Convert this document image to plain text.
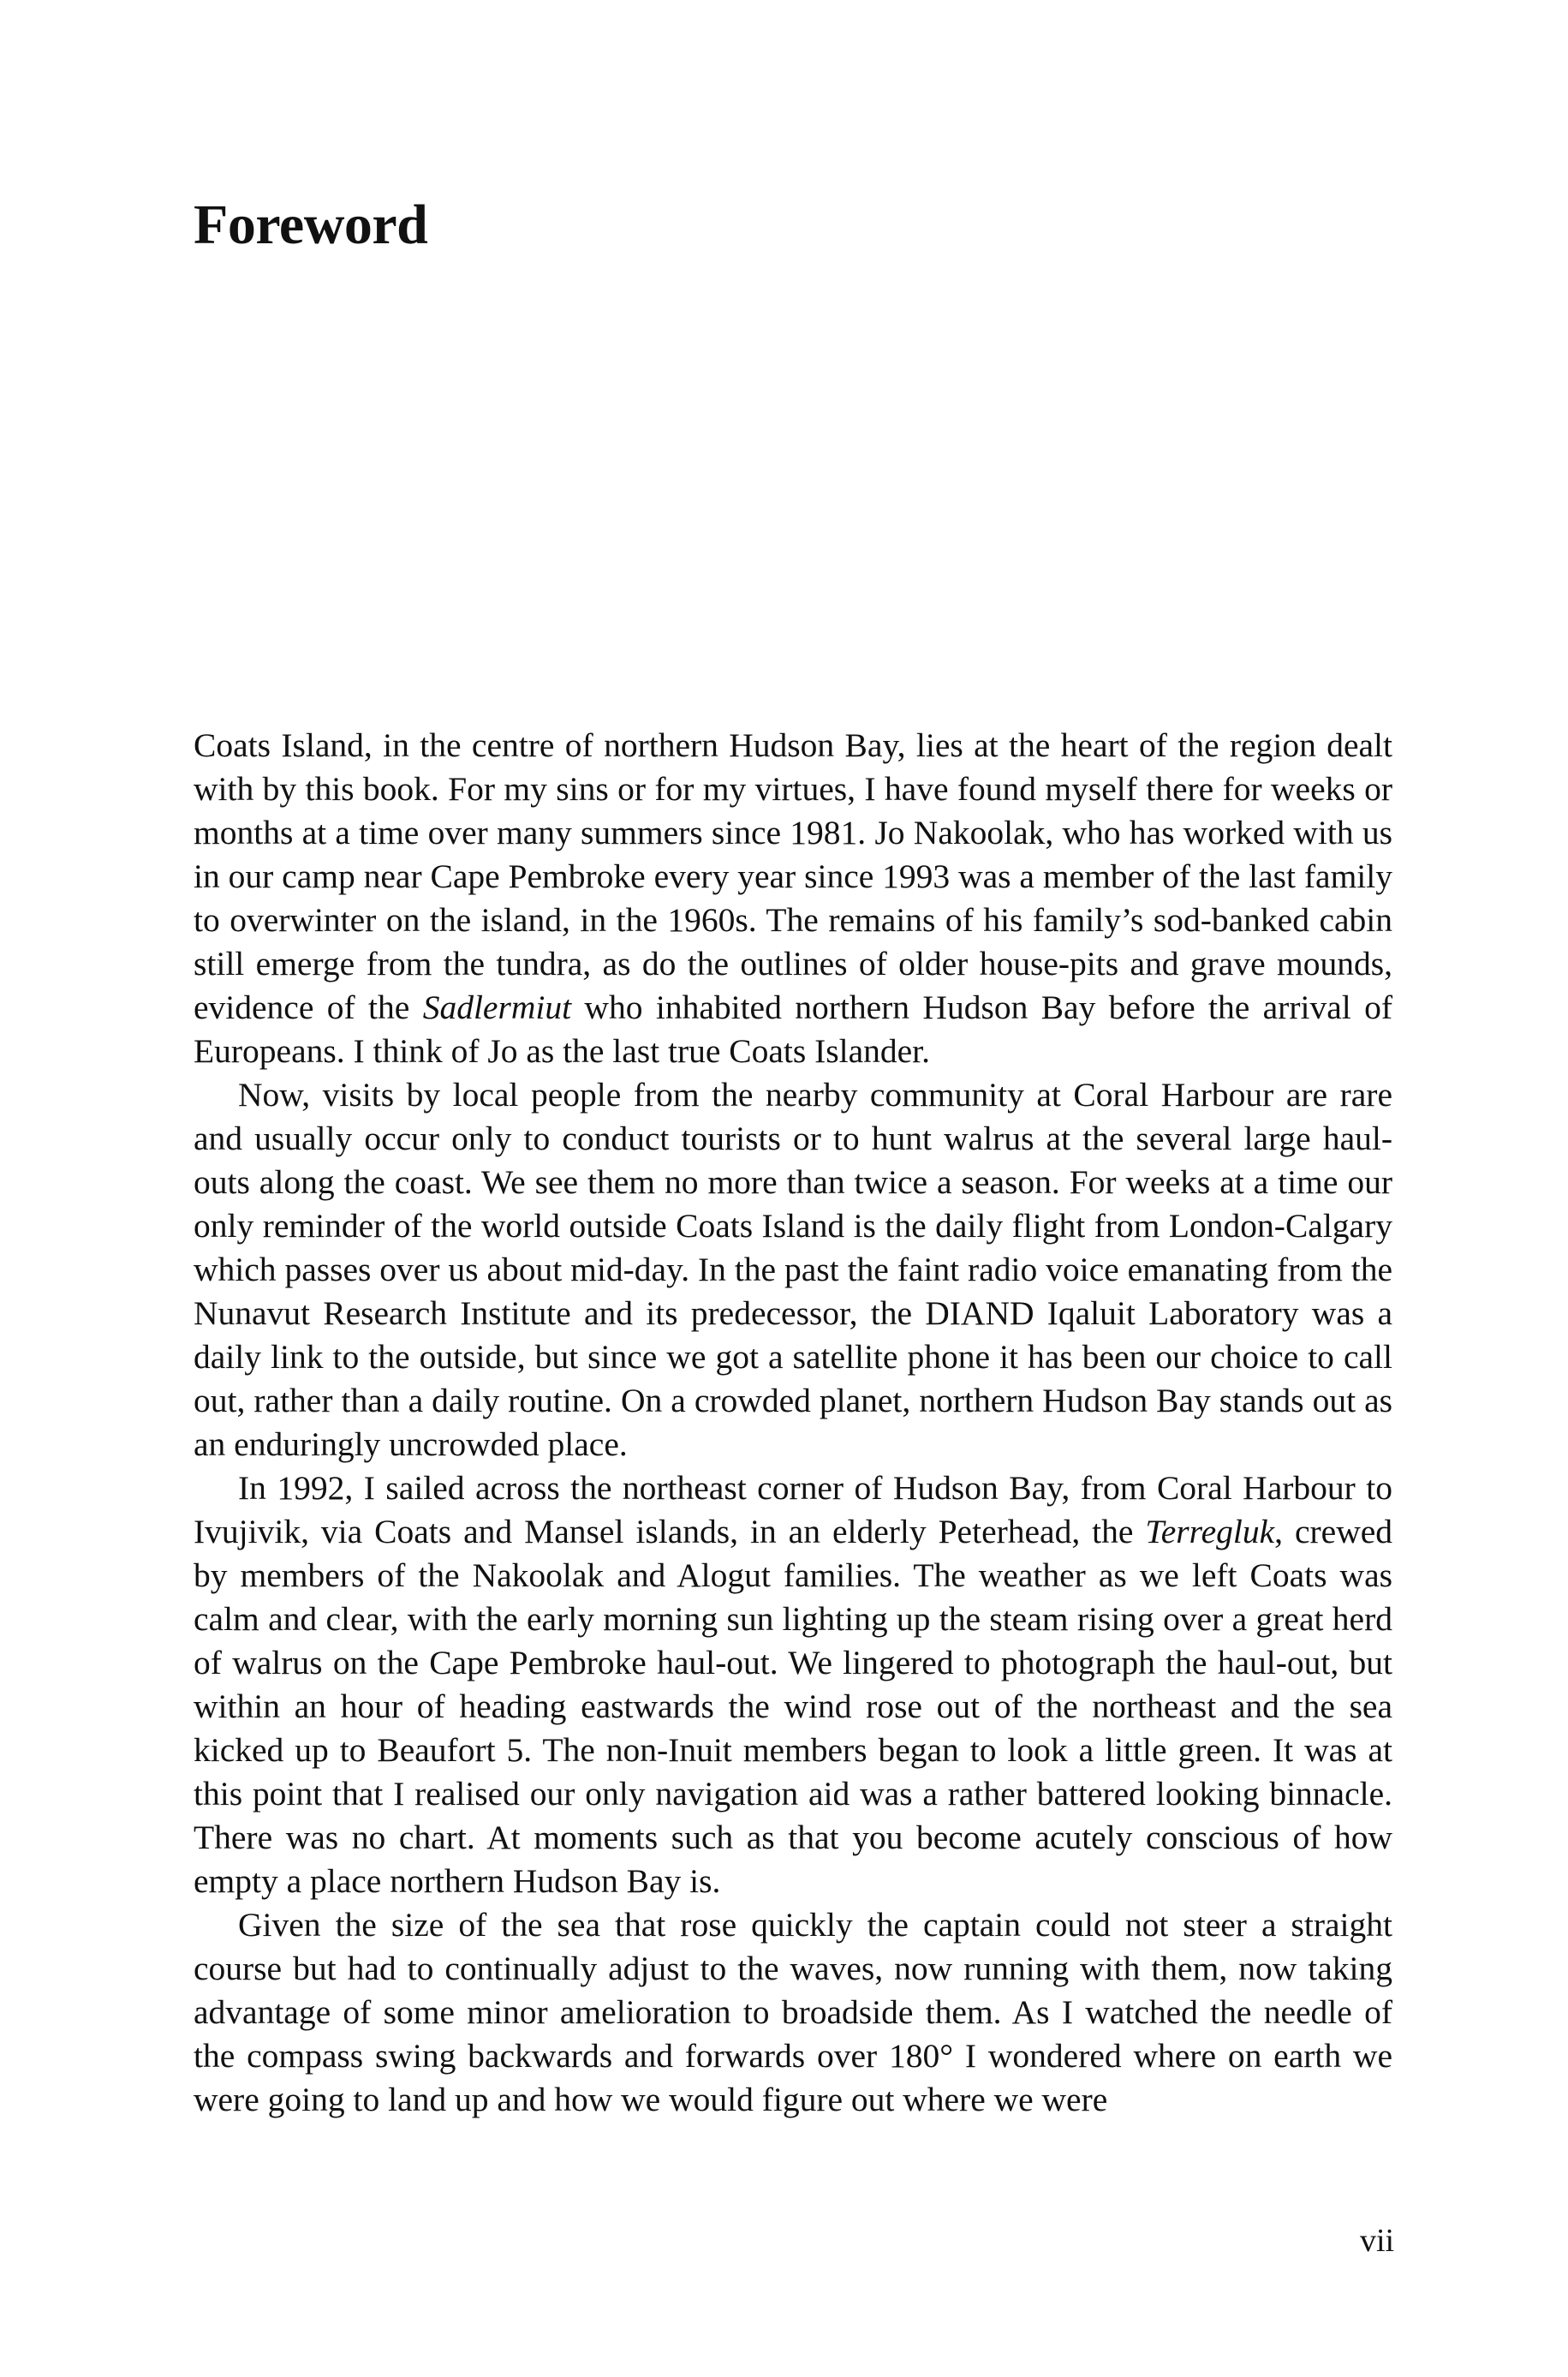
Foreword

Coats Island, in the centre of northern Hudson Bay, lies at the heart of the region dealt with by this book. For my sins or for my virtues, I have found myself there for weeks or months at a time over many summers since 1981. Jo Nakoolak, who has worked with us in our camp near Cape Pembroke every year since 1993 was a member of the last family to overwinter on the island, in the 1960s. The remains of his family’s sod-banked cabin still emerge from the tundra, as do the outlines of older house-pits and grave mounds, evidence of the Sadlermiut who inhabited northern Hudson Bay before the arrival of Europeans. I think of Jo as the last true Coats Islander.

Now, visits by local people from the nearby community at Coral Harbour are rare and usually occur only to conduct tourists or to hunt walrus at the several large haul-outs along the coast. We see them no more than twice a season. For weeks at a time our only reminder of the world outside Coats Island is the daily flight from London-Calgary which passes over us about mid-day. In the past the faint radio voice emanating from the Nunavut Research Institute and its predecessor, the DIAND Iqaluit Laboratory was a daily link to the outside, but since we got a satellite phone it has been our choice to call out, rather than a daily routine. On a crowded planet, northern Hudson Bay stands out as an enduringly uncrowded place.

In 1992, I sailed across the northeast corner of Hudson Bay, from Coral Harbour to Ivujivik, via Coats and Mansel islands, in an elderly Peterhead, the Terregluk, crewed by members of the Nakoolak and Alogut families. The weather as we left Coats was calm and clear, with the early morning sun lighting up the steam rising over a great herd of walrus on the Cape Pembroke haul-out. We lingered to photograph the haul-out, but within an hour of heading eastwards the wind rose out of the northeast and the sea kicked up to Beaufort 5. The non-Inuit members began to look a little green. It was at this point that I realised our only navigation aid was a rather battered looking binnacle. There was no chart. At moments such as that you become acutely conscious of how empty a place northern Hudson Bay is.

Given the size of the sea that rose quickly the captain could not steer a straight course but had to continually adjust to the waves, now running with them, now taking advantage of some minor amelioration to broadside them. As I watched the needle of the compass swing backwards and forwards over 180° I wondered where on earth we were going to land up and how we would figure out where we were

vii
